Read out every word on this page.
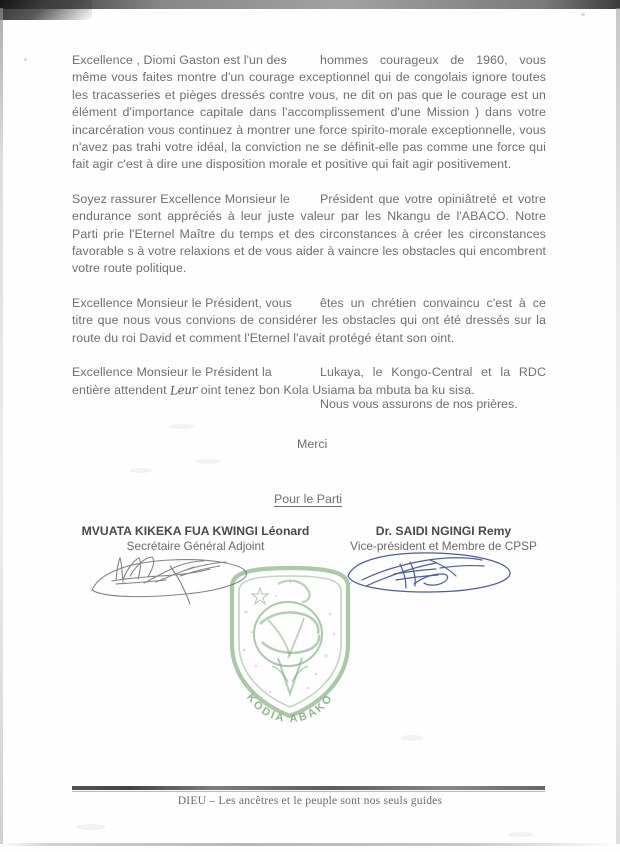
Excellence , Diomi Gaston est l'un des	hommes courageux de 1960, vous même vous faites montre d'un courage exceptionnel qui de congolais ignore toutes les tracasseries et pièges dressés contre vous, ne dit on pas que le courage est un élément d'importance capitale dans l'accomplissement d'une Mission ) dans votre incarcération vous continuez à montrer une force spirito-morale exceptionnelle, vous n'avez pas trahi votre idéal, la conviction ne se définit-elle pas comme une force qui fait agir c'est à dire une disposition morale et positive qui fait agir positivement.

Soyez rassurer Excellence Monsieur le Président que votre opiniâtreté et votre endurance sont appréciés à leur juste valeur par les Nkangu de l'ABACO. Notre Parti prie l'Eternel Maître du temps et des circonstances à créer les circonstances favorable s à votre relaxions et de vous aider à vaincre les obstacles qui encombrent votre route politique.

Excellence Monsieur le Président, vous êtes un chrétien convaincu c'est à ce titre que nous vous convions de considérer les obstacles qui ont été dressés sur la route du roi David et comment l'Eternel l'avait protégé étant son oint.

Excellence Monsieur le Président la	Lukaya, le Kongo-Central et la RDC entière attendent Leur oint tenez bon Kola Usiama ba mbuta ba ku sisa.

Nous vous assurons de nos prières.
Merci
Pour le Parti
MVUATA KIKEKA FUA KWINGI Léonard
Secrétaire Général Adjoint
Dr. SAIDI NGINGI Remy
Vice-président et Membre de CPSP
KODIA ABAKO
DIEU – Les ancêtres et le peuple sont nos seuls guides
